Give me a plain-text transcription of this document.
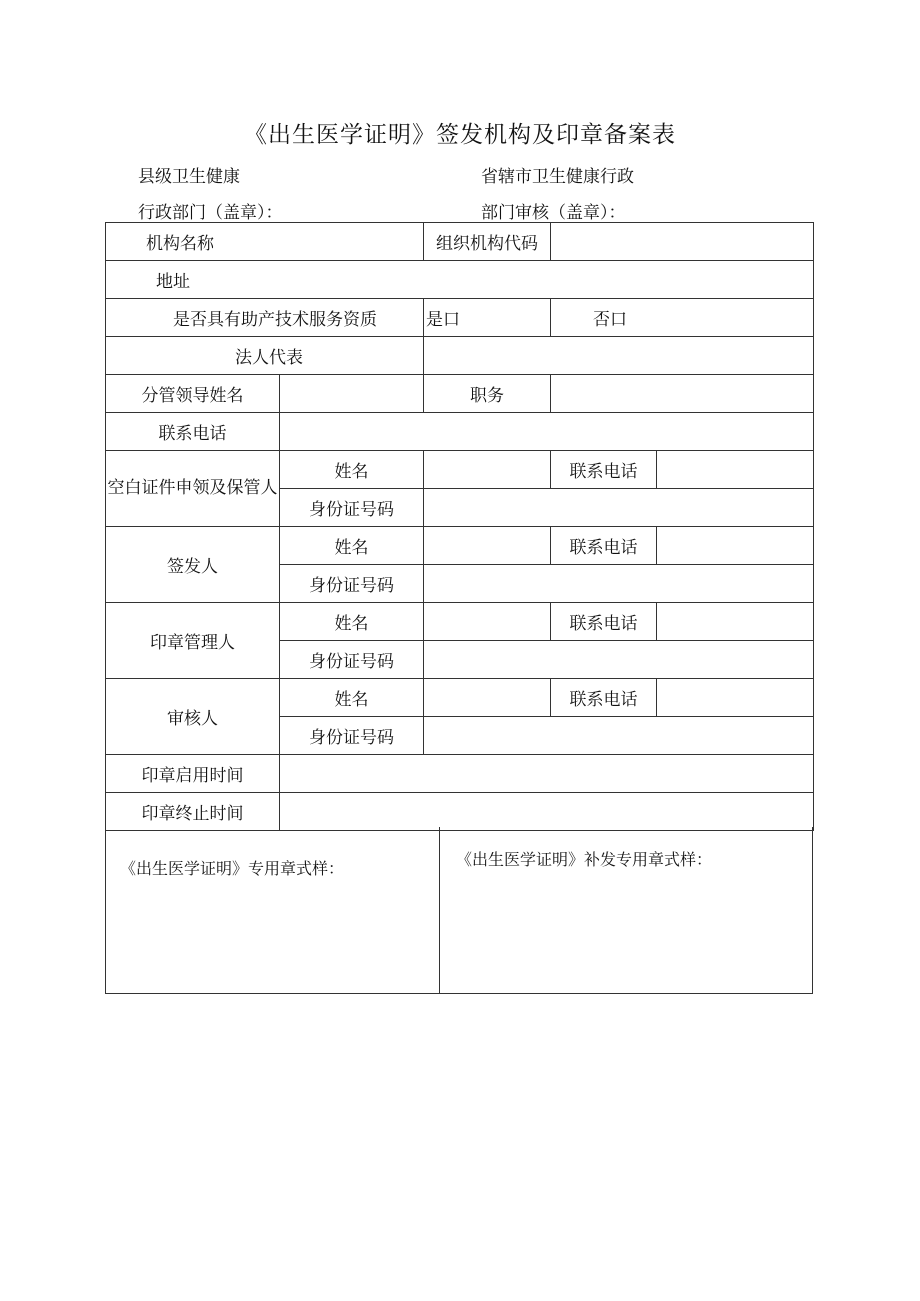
《出生医学证明》签发机构及印章备案表
县级卫生健康
行政部门（盖章）：
省辖市卫生健康行政
部门审核（盖章）：
机构名称		组织机构代码		
地址				
是否具有助产技术服务资质		是口	否口	
法人代表				
分管领导姓名		职务		
联系电话				
空白证件申领及保管人	姓名		联系电话	
	身份证号码			
签发人	姓名		联系电话	
	身份证号码			
印章管理人	姓名		联系电话	
	身份证号码			
审核人	姓名		联系电话	
	身份证号码			
印章启用时间				
印章终止时间				
《出生医学证明》专用章式样：	《出生医学证明》补发专用章式样：
